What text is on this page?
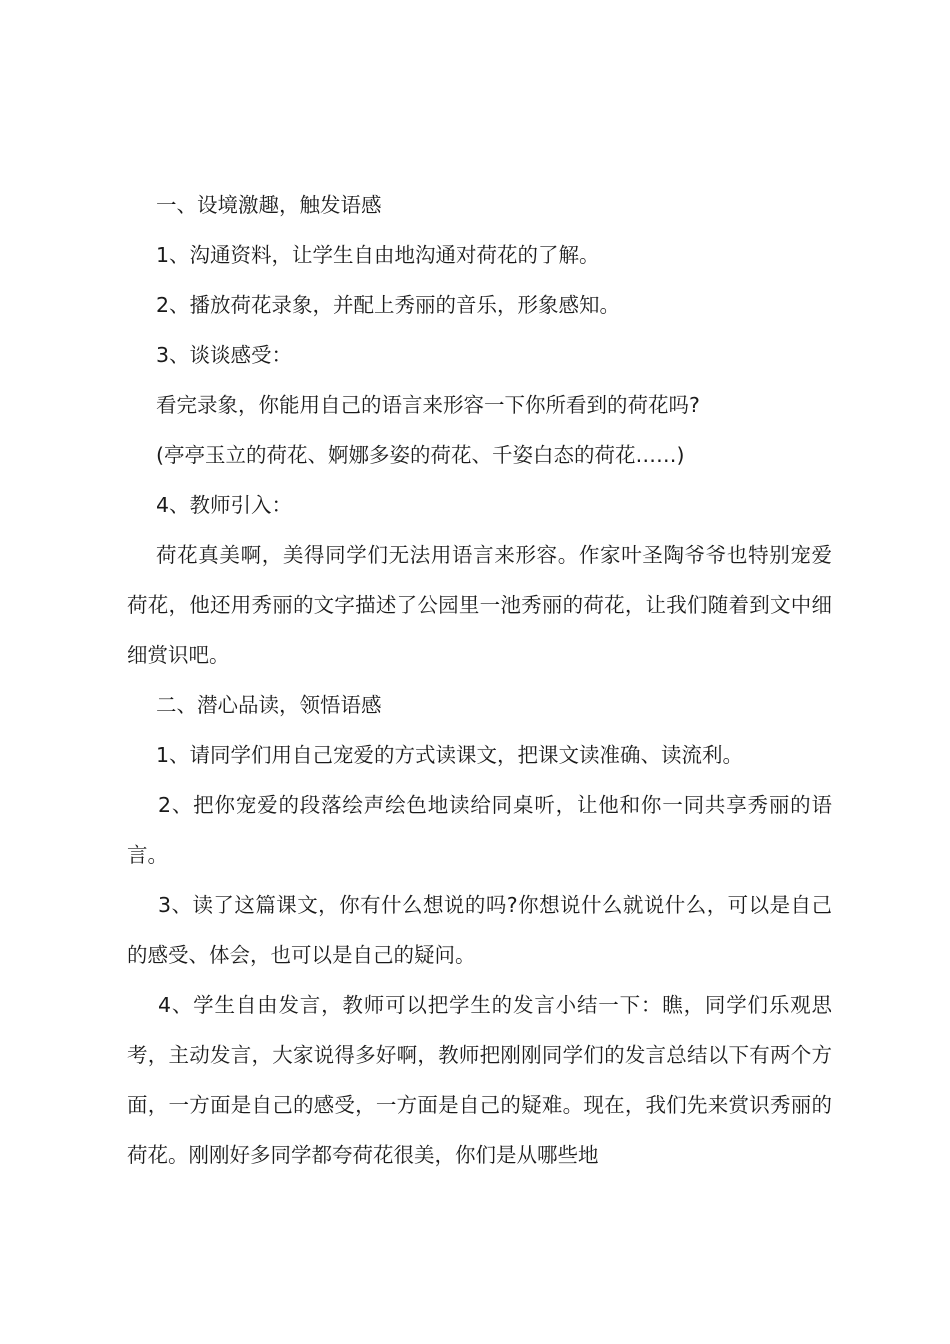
一、设境激趣，触发语感

1、沟通资料，让学生自由地沟通对荷花的了解。

2、播放荷花录象，并配上秀丽的音乐，形象感知。

3、谈谈感受：

看完录象，你能用自己的语言来形容一下你所看到的荷花吗?

(亭亭玉立的荷花、婀娜多姿的荷花、千姿白态的荷花……)

4、教师引入：

荷花真美啊，美得同学们无法用语言来形容。作家叶圣陶爷爷也特别宠爱荷花，他还用秀丽的文字描述了公园里一池秀丽的荷花，让我们随着到文中细细赏识吧。

二、潜心品读，领悟语感

1、请同学们用自己宠爱的方式读课文，把课文读准确、读流利。

2、把你宠爱的段落绘声绘色地读给同桌听，让他和你一同共享秀丽的语言。

3、读了这篇课文，你有什么想说的吗?你想说什么就说什么，可以是自己的感受、体会，也可以是自己的疑问。

4、学生自由发言，教师可以把学生的发言小结一下：瞧，同学们乐观思考，主动发言，大家说得多好啊，教师把刚刚同学们的发言总结以下有两个方面，一方面是自己的感受，一方面是自己的疑难。现在，我们先来赏识秀丽的荷花。刚刚好多同学都夸荷花很美，你们是从哪些地
